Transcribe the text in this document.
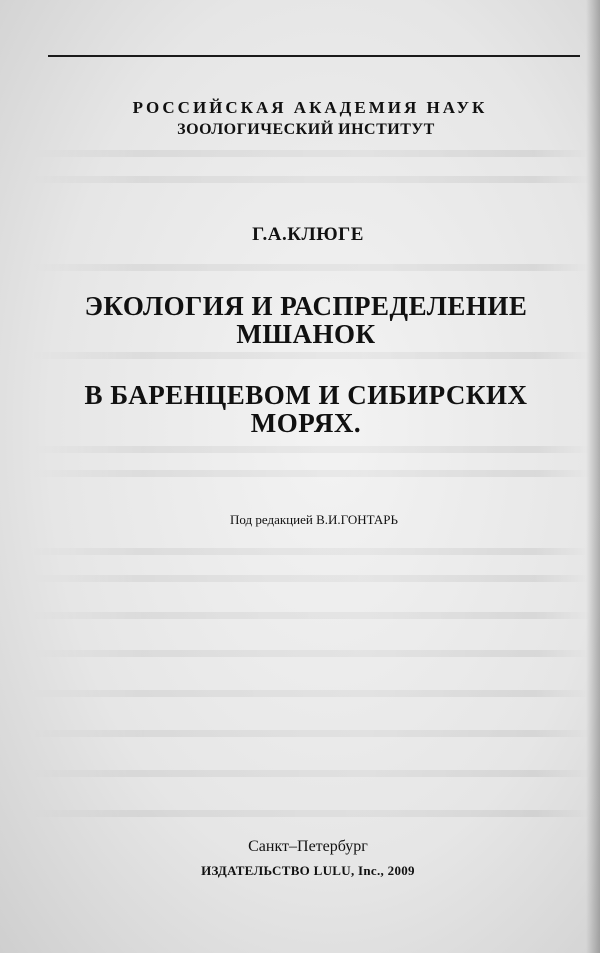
РОССИЙСКАЯ АКАДЕМИЯ НАУК
ЗООЛОГИЧЕСКИЙ ИНСТИТУТ
Г.А.КЛЮГЕ
ЭКОЛОГИЯ И РАСПРЕДЕЛЕНИЕ
МШАНОК
В БАРЕНЦЕВОМ И СИБИРСКИХ
МОРЯХ.
Под редакцией В.И.ГОНТАРЬ
Санкт–Петербург
ИЗДАТЕЛЬСТВО LULU, Inc., 2009
